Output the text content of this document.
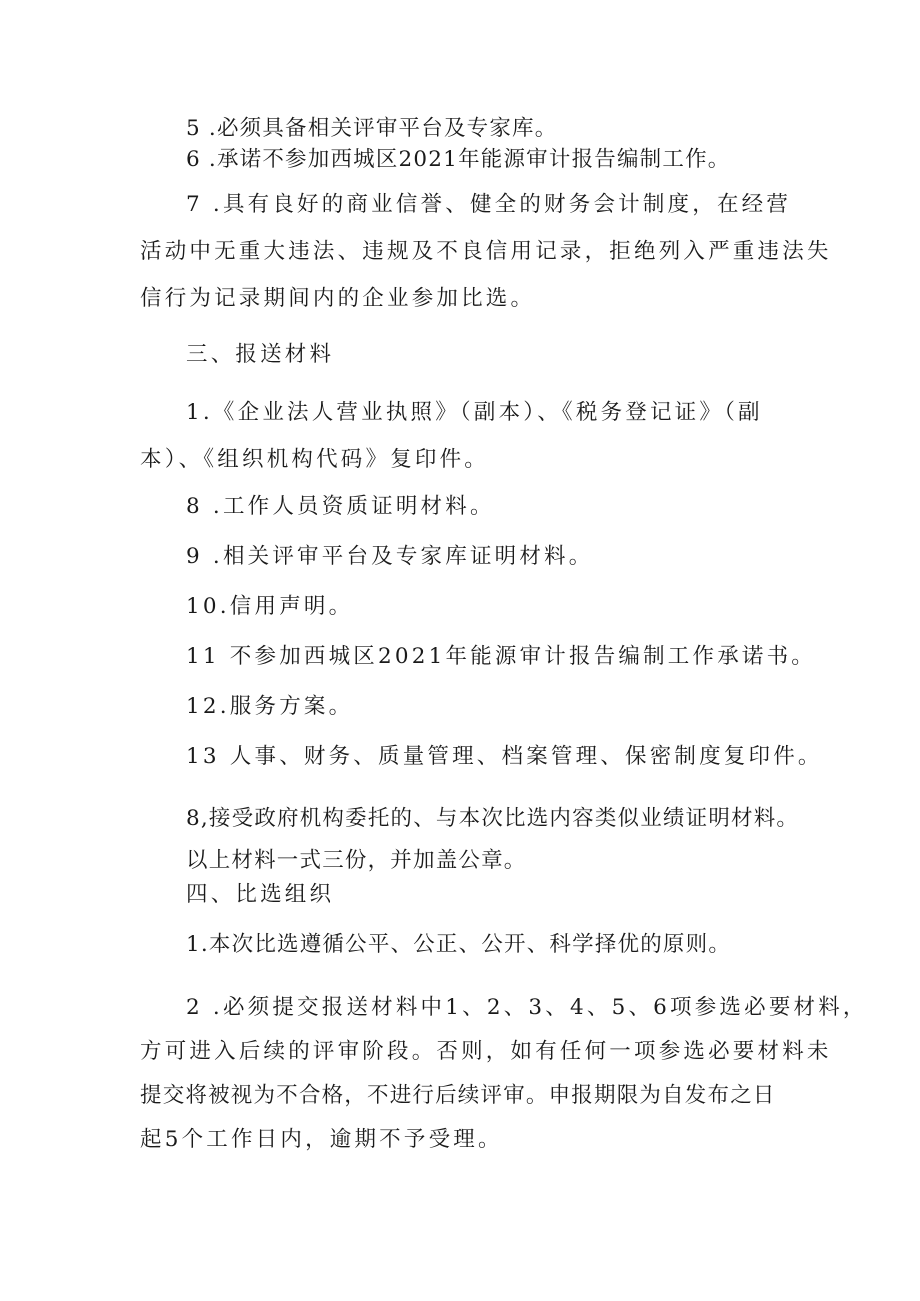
5 .必须具备相关评审平台及专家库。
6 .承诺不参加西城区2021年能源审计报告编制工作。
7 .具有良好的商业信誉、健全的财务会计制度，在经营
活动中无重大违法、违规及不良信用记录，拒绝列入严重违法失
信行为记录期间内的企业参加比选。
三、报送材料
1.《企业法人营业执照》（副本）、《税务登记证》（副
本）、《组织机构代码》复印件。
8 .工作人员资质证明材料。
9 .相关评审平台及专家库证明材料。
10.信用声明。
11 不参加西城区2021年能源审计报告编制工作承诺书。
12.服务方案。
13 人事、财务、质量管理、档案管理、保密制度复印件。
8,接受政府机构委托的、与本次比选内容类似业绩证明材料。
以上材料一式三份，并加盖公章。
四、比选组织
1.本次比选遵循公平、公正、公开、科学择优的原则。
2 .必须提交报送材料中1、2、3、4、5、6项参选必要材料，
方可进入后续的评审阶段。否则，如有任何一项参选必要材料未
提交将被视为不合格，不进行后续评审。申报期限为自发布之日
起5个工作日内，逾期不予受理。
